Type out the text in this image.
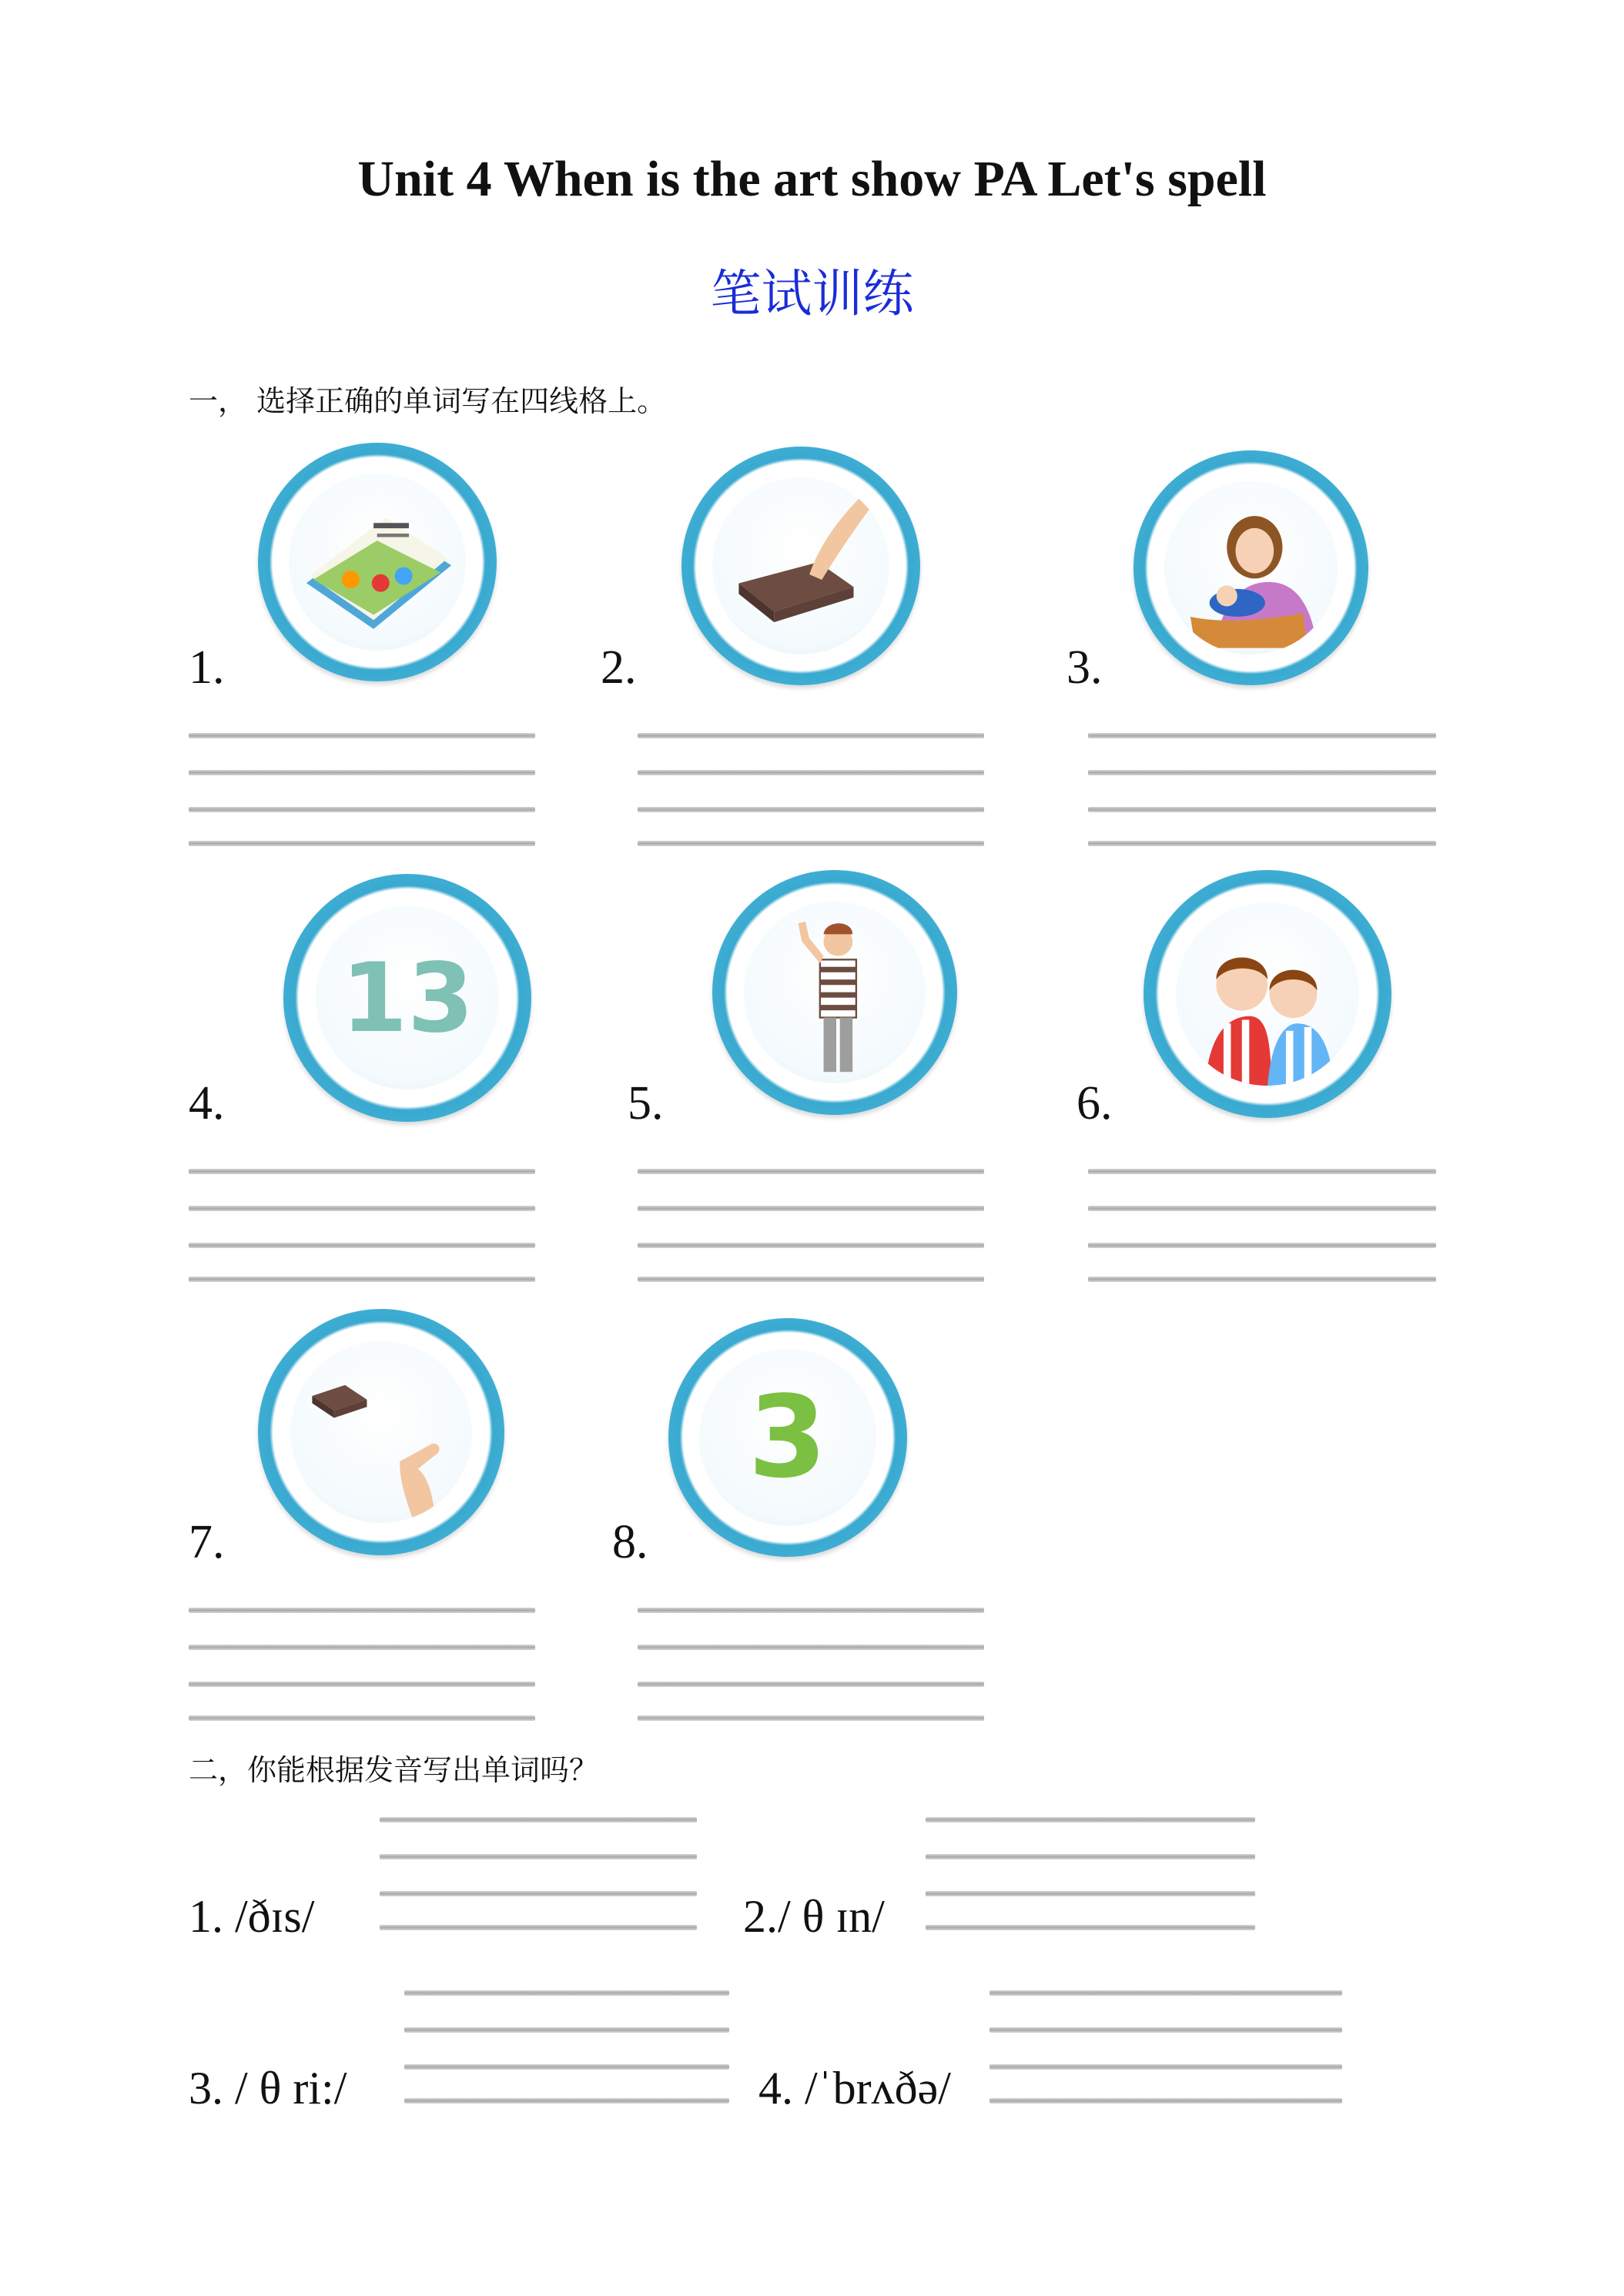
Unit 4 When is the art show PA Let's spell
笔试训练
一， 选择正确的单词写在四线格上。
1.	2.	3.
4.
13
5.	6.
7.	8.
3
二，你能根据发音写出单词吗？
1. /ðɪs/	2./ θ ɪn/
3. / θ ri:/	4. /ˈbrʌðə/
